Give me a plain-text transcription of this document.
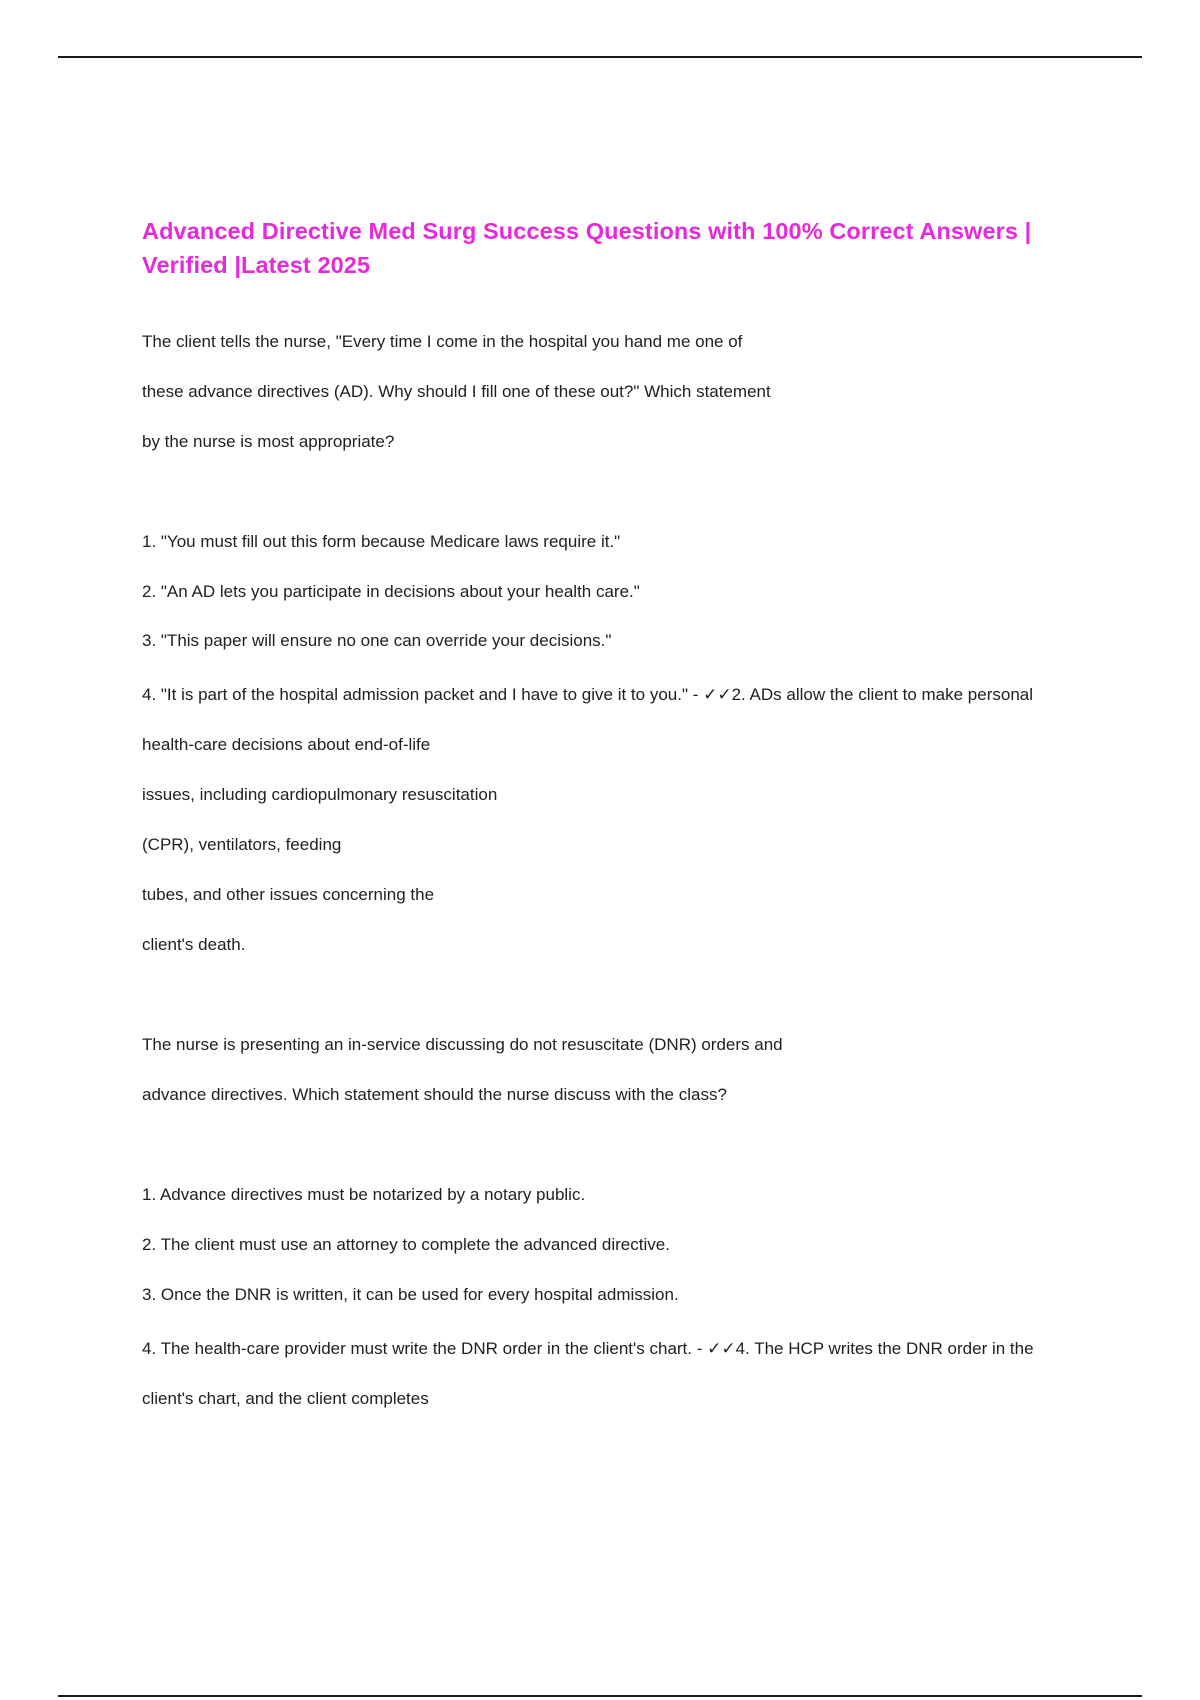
Advanced Directive Med Surg Success Questions with 100% Correct Answers | Verified |Latest 2025

The client tells the nurse, "Every time I come in the hospital you hand me one of

these advance directives (AD). Why should I fill one of these out?" Which statement

by the nurse is most appropriate?

1. "You must fill out this form because Medicare laws require it."

2. "An AD lets you participate in decisions about your health care."

3. "This paper will ensure no one can override your decisions."

4. "It is part of the hospital admission packet and I have to give it to you." - ✓✓2. ADs allow the client to make personal

health-care decisions about end-of-life

issues, including cardiopulmonary resuscitation

(CPR), ventilators, feeding

tubes, and other issues concerning the

client's death.

The nurse is presenting an in-service discussing do not resuscitate (DNR) orders and

advance directives. Which statement should the nurse discuss with the class?

1. Advance directives must be notarized by a notary public.

2. The client must use an attorney to complete the advanced directive.

3. Once the DNR is written, it can be used for every hospital admission.

4. The health-care provider must write the DNR order in the client's chart. - ✓✓4. The HCP writes the DNR order in the

client's chart, and the client completes
